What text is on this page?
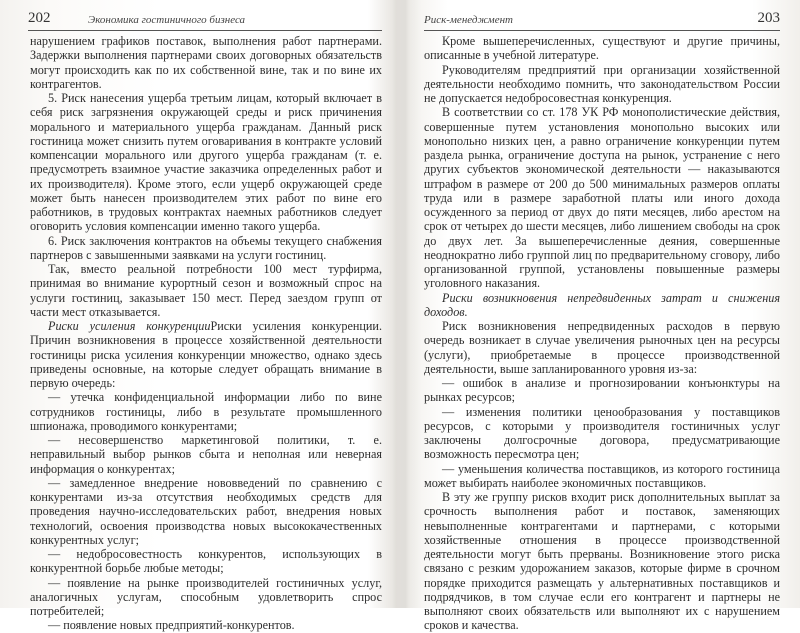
202	Экономика гостиничного бизнеса

нарушением графиков поставок, выполнения работ партнерами. Задержки выполнения партнерами своих договорных обязательств могут происходить как по их собственной вине, так и по вине их контрагентов.

5. Риск нанесения ущерба третьим лицам, который включает в себя риск загрязнения окружающей среды и риск причинения морального и материального ущерба гражданам. Данный риск гостиница может снизить путем оговаривания в контракте условий компенсации морального или другого ущерба гражданам (т. е. предусмотреть взаимное участие заказчика определенных работ и их производителя). Кроме этого, если ущерб окружающей среде может быть нанесен производителем этих работ по вине его работников, в трудовых контрактах наемных работников следует оговорить условия компенсации именно такого ущерба.

6. Риск заключения контрактов на объемы текущего снабжения партнеров с завышенными заявками на услуги гостиниц.

Так, вместо реальной потребности 100 мест турфирма, принимая во внимание курортный сезон и возможный спрос на услуги гостиниц, заказывает 150 мест. Перед заездом групп от части мест отказывается.

Риски усиления конкуренцииРиски усиления конкуренции. Причин возникновения в процессе хозяйственной деятельности гостиницы риска усиления конкуренции множество, однако здесь приведены основные, на которые следует обращать внимание в первую очередь:

— утечка конфиденциальной информации либо по вине сотрудников гостиницы, либо в результате промышленного шпионажа, проводимого конкурентами;

— несовершенство маркетинговой политики, т. е. неправильный выбор рынков сбыта и неполная или неверная информация о конкурентах;

— замедленное внедрение нововведений по сравнению с конкурентами из-за отсутствия необходимых средств для проведения научно-исследовательских работ, внедрения новых технологий, освоения производства новых высококачественных конкурентных услуг;

— недобросовестность конкурентов, использующих в конкурентной борьбе любые методы;

— появление на рынке производителей гостиничных услуг, аналогичных услугам, способным удовлетворить спрос потребителей;

— появление новых предприятий-конкурентов.

Риск-менеджмент	203

Кроме вышеперечисленных, существуют и другие причины, описанные в учебной литературе.

Руководителям предприятий при организации хозяйственной деятельности необходимо помнить, что законодательством России не допускается недобросовестная конкуренция.

В соответствии со ст. 178 УК РФ монополистические действия, совершенные путем установления монопольно высоких или монопольно низких цен, а равно ограничение конкуренции путем раздела рынка, ограничение доступа на рынок, устранение с него других субъектов экономической деятельности — наказываются штрафом в размере от 200 до 500 минимальных размеров оплаты труда или в размере заработной платы или иного дохода осужденного за период от двух до пяти месяцев, либо арестом на срок от четырех до шести месяцев, либо лишением свободы на срок до двух лет. За вышеперечисленные деяния, совершенные неоднократно либо группой лиц по предварительному сговору, либо организованной группой, установлены повышенные размеры уголовного наказания.

Риски возникновения непредвиденных затрат и снижения доходов.

Риск возникновения непредвиденных расходов в первую очередь возникает в случае увеличения рыночных цен на ресурсы (услуги), приобретаемые в процессе производственной деятельности, выше запланированного уровня из-за:

— ошибок в анализе и прогнозировании конъюнктуры на рынках ресурсов;

— изменения политики ценообразования у поставщиков ресурсов, с которыми у производителя гостиничных услуг заключены долгосрочные договора, предусматривающие возможность пересмотра цен;

— уменьшения количества поставщиков, из которого гостиница может выбирать наиболее экономичных поставщиков.

В эту же группу рисков входит риск дополнительных выплат за срочность выполнения работ и поставок, заменяющих невыполненные контрагентами и партнерами, с которыми хозяйственные отношения в процессе производственной деятельности могут быть прерваны. Возникновение этого риска связано с резким удорожанием заказов, которые фирме в срочном порядке приходится размещать у альтернативных поставщиков и подрядчиков, в том случае если его контрагент и партнеры не выполняют своих обязательств или выполняют их с нарушением сроков и качества.
